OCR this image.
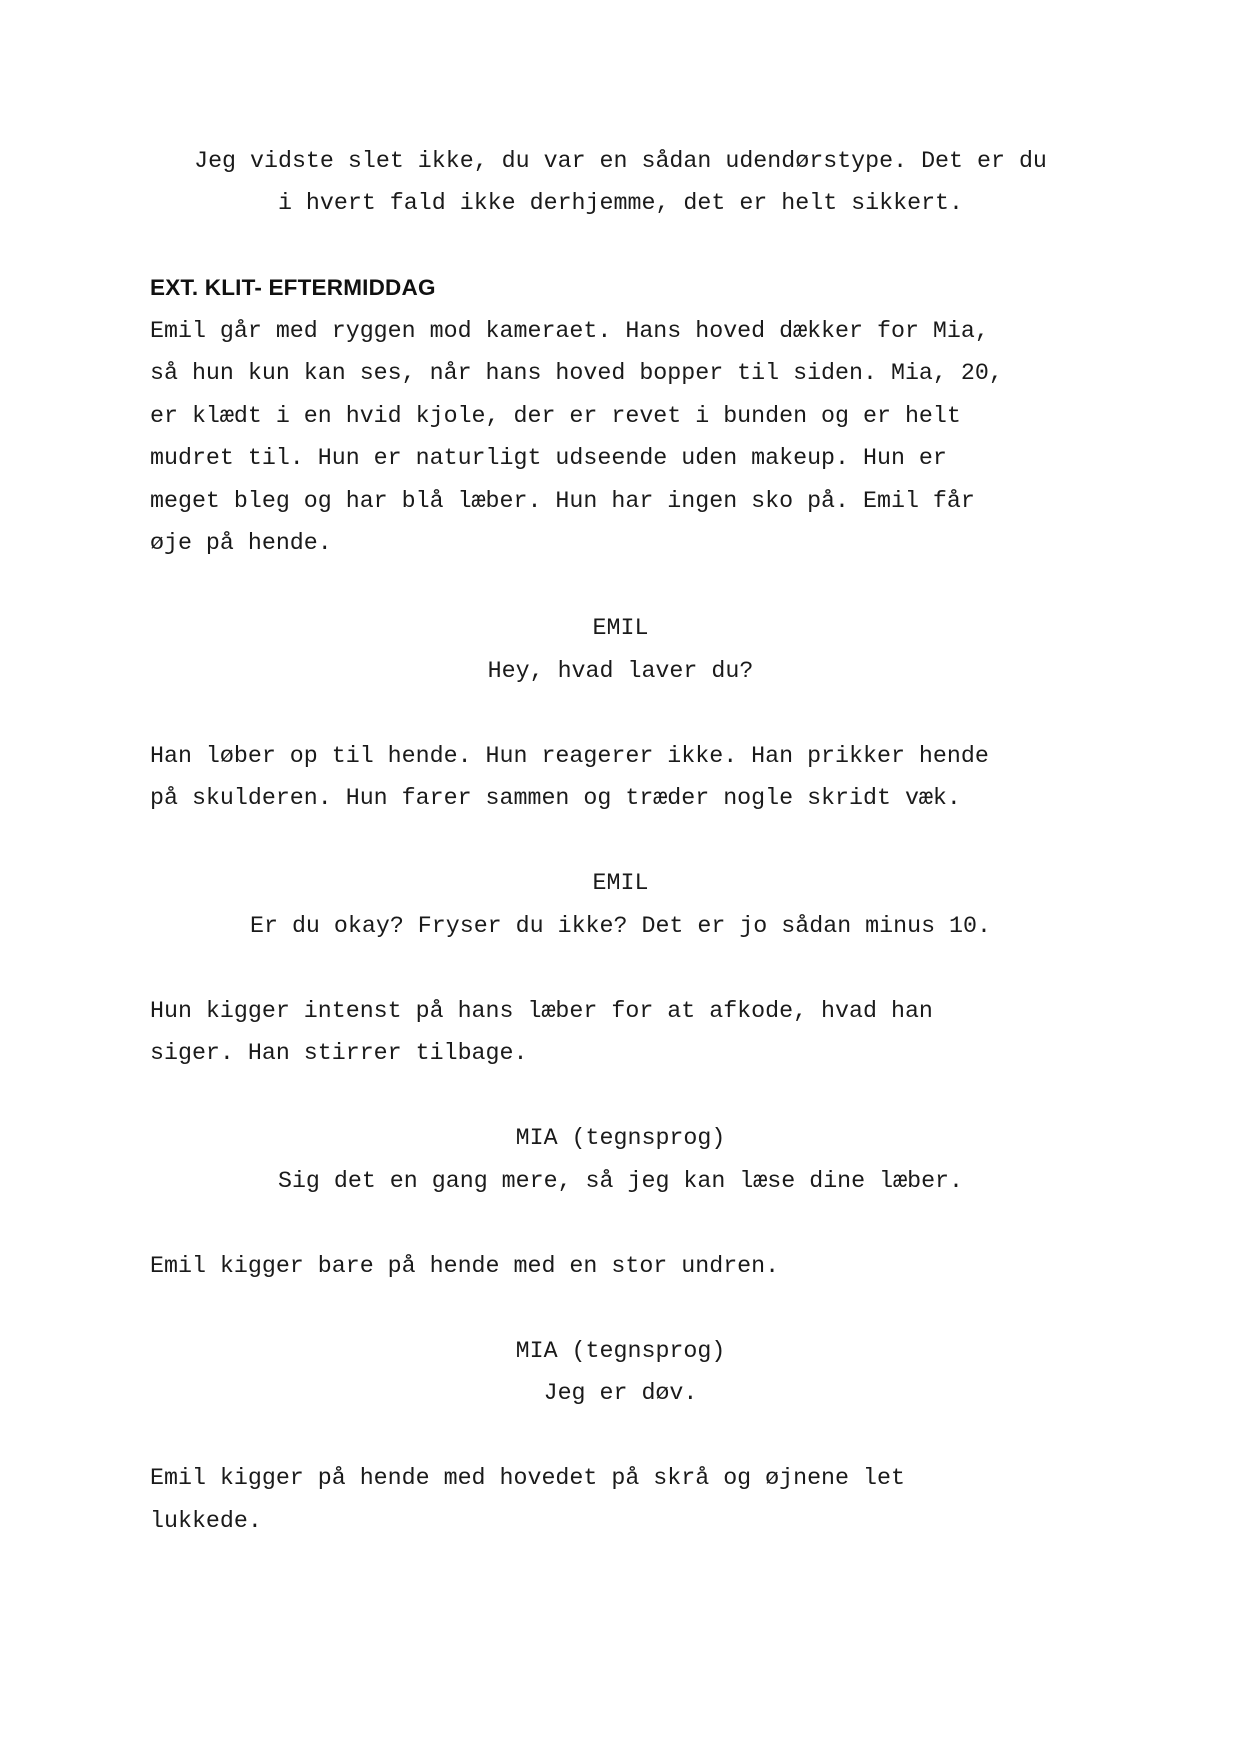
Jeg vidste slet ikke, du var en sådan udendørstype. Det er du
i hvert fald ikke derhjemme, det er helt sikkert.
EXT. KLIT- EFTERMIDDAG
Emil går med ryggen mod kameraet. Hans hoved dækker for Mia,
så hun kun kan ses, når hans hoved bopper til siden. Mia, 20,
er klædt i en hvid kjole, der er revet i bunden og er helt
mudret til. Hun er naturligt udseende uden makeup. Hun er
meget bleg og har blå læber. Hun har ingen sko på. Emil får
øje på hende.
EMIL
Hey, hvad laver du?
Han løber op til hende. Hun reagerer ikke. Han prikker hende
på skulderen. Hun farer sammen og træder nogle skridt væk.
EMIL
Er du okay? Fryser du ikke? Det er jo sådan minus 10.
Hun kigger intenst på hans læber for at afkode, hvad han
siger. Han stirrer tilbage.
MIA (tegnsprog)
Sig det en gang mere, så jeg kan læse dine læber.
Emil kigger bare på hende med en stor undren.
MIA (tegnsprog)
Jeg er døv.
Emil kigger på hende med hovedet på skrå og øjnene let
lukkede.
